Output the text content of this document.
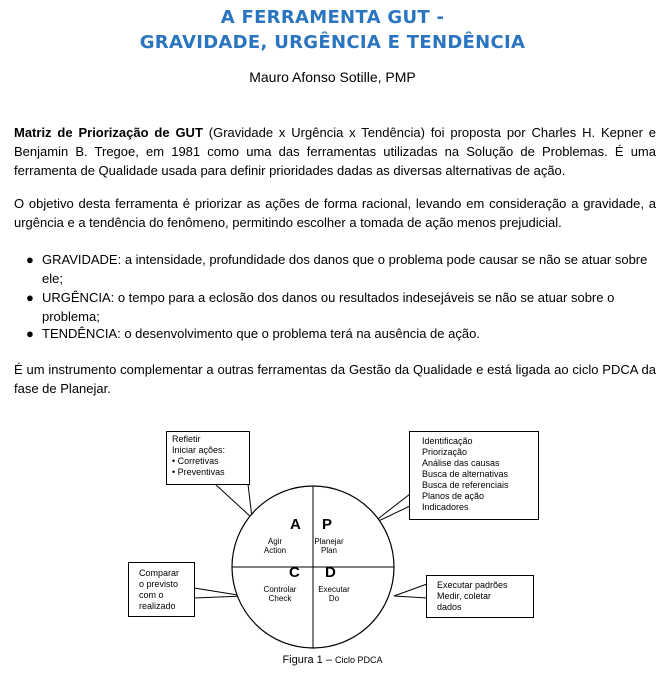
A FERRAMENTA GUT -
GRAVIDADE, URGÊNCIA E TENDÊNCIA
Mauro Afonso Sotille, PMP
Matriz de Priorização de GUT (Gravidade x Urgência x Tendência) foi proposta por Charles H. Kepner e Benjamin B. Tregoe, em 1981 como uma das ferramentas utilizadas na Solução de Problemas. É uma ferramenta de Qualidade usada para definir prioridades dadas as diversas alternativas de ação.
O objetivo desta ferramenta é priorizar as ações de forma racional, levando em consideração a gravidade, a urgência e a tendência do fenômeno, permitindo escolher a tomada de ação menos prejudicial.
● GRAVIDADE: a intensidade, profundidade dos danos que o problema pode causar se não se atuar sobre ele;
● URGÊNCIA: o tempo para a eclosão dos danos ou resultados indesejáveis se não se atuar sobre o problema;
● TENDÊNCIA: o desenvolvimento que o problema terá na ausência de ação.
É um instrumento complementar a outras ferramentas da Gestão da Qualidade e está ligada ao ciclo PDCA da fase de Planejar.
Refletir
Iniciar ações:
• Corretivas
• Preventivas
Identificação
Priorização
Análise das causas
Busca de alternativas
Busca de referenciais
Planos de ação
Indicadores
Comparar
o previsto
com o
realizado
Executar padrões
Medir, coletar
dados
A P
C D
Agir
Action
Planejar
Plan
Controlar
Check
Executar
Do
Figura 1 – Ciclo PDCA
